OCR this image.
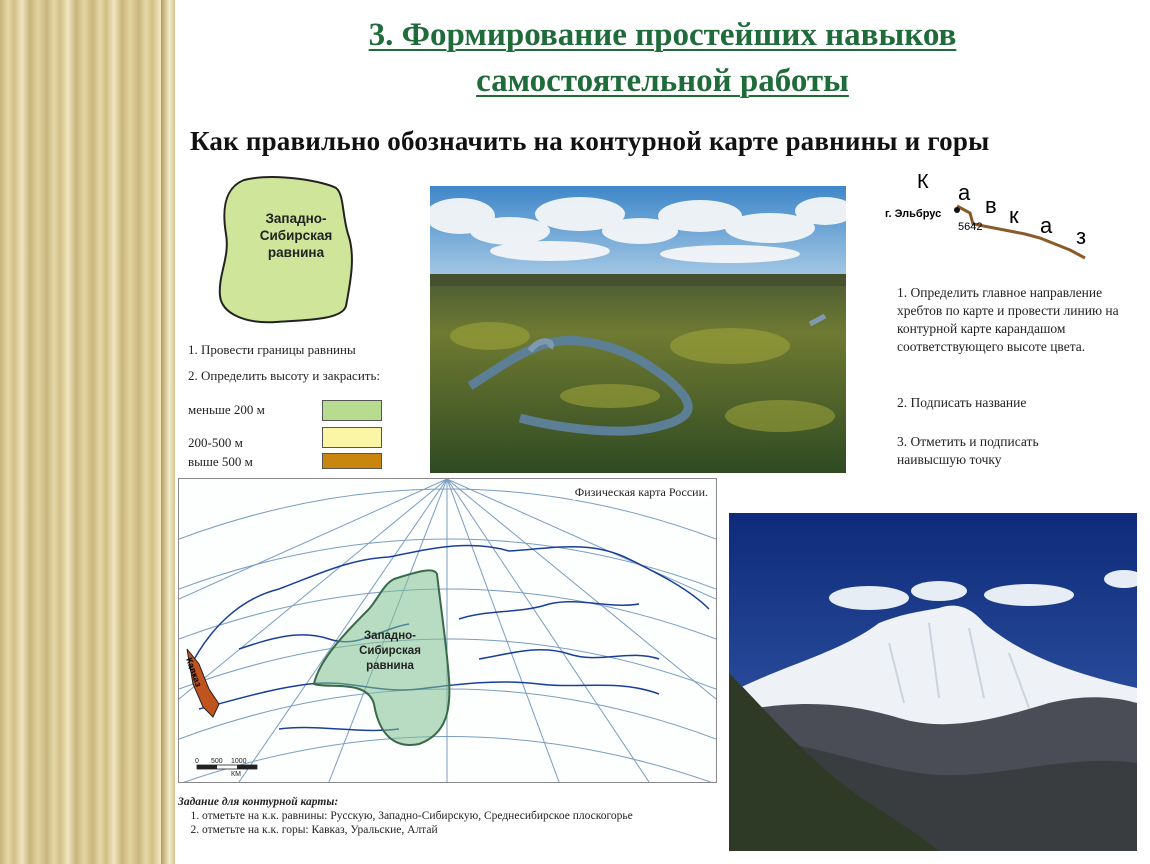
3. Формирование простейших навыков
самостоятельной работы
Как правильно обозначить на контурной карте равнины и горы
Западно-Сибирская равнина
1. Провести границы равнины
2. Определить высоту и закрасить:
меньше 200 м
200-500 м
выше 500 м
К а
в к а з
г. Эльбрус
5642
1. Определить главное направление хребтов по карте и провести линию на контурной карте карандашом соответствующего высоте цвета.
2. Подписать название
3. Отметить и подписать наивысшую точку
Кавказ
0 500 1000
КМ
Физическая карта России.
Западно-Сибирская равнина
Задание для контурной карты:
1. отметьте на к.к. равнины: Русскую, Западно-Сибирскую, Среднесибирское плоскогорье
2. отметьте на к.к. горы: Кавказ, Уральские, Алтай
